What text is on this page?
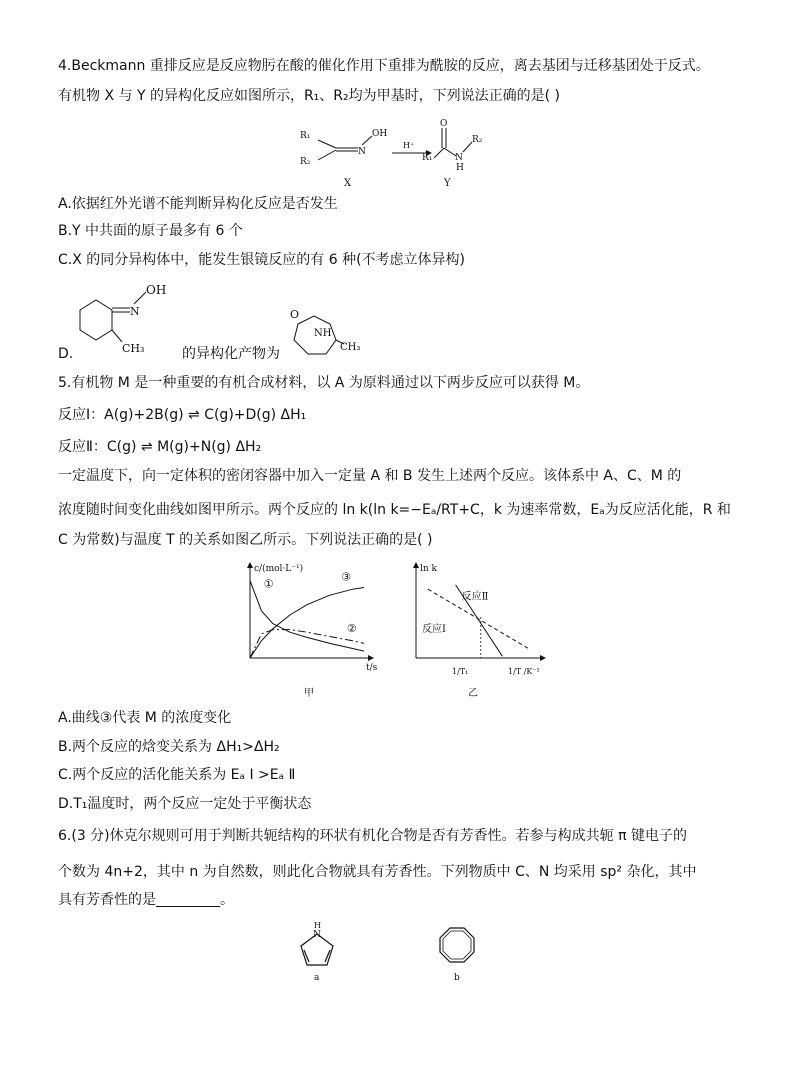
4.Beckmann 重排反应是反应物肟在酸的催化作用下重排为酰胺的反应，离去基团与迁移基团处于反式。
有机物 X 与 Y 的异构化反应如图所示，R₁、R₂均为甲基时，下列说法正确的是( )
R₁
R₂
N
OH
X
H⁺
O
R₁	N
H
R₂
Y
A.依据红外光谱不能判断异构化反应是否发生
B.Y 中共面的原子最多有 6 个
C.X 的同分异构体中，能发生银镜反应的有 6 种(不考虑立体异构)
D.
N
OH
CH₃	的异构化产物为
O
NH
CH₃
5.有机物 M 是一种重要的有机合成材料，以 A 为原料通过以下两步反应可以获得 M。
反应Ⅰ：A(g)+2B(g) ⇌ C(g)+D(g) ΔH₁
反应Ⅱ：C(g) ⇌ M(g)+N(g) ΔH₂
一定温度下，向一定体积的密闭容器中加入一定量 A 和 B 发生上述两个反应。该体系中 A、C、M 的
浓度随时间变化曲线如图甲所示。两个反应的 ln k(ln k=−Eₐ/RT+C，k 为速率常数，Eₐ为反应活化能，R 和
C 为常数)与温度 T 的关系如图乙所示。下列说法正确的是( )
c/(mol·L⁻¹)
t/s
甲
①
②
③
ln k
1/T /K⁻¹
1/T₁
乙
反应Ⅰ
反应Ⅱ
A.曲线③代表 M 的浓度变化
B.两个反应的焓变关系为 ΔH₁>ΔH₂
C.两个反应的活化能关系为 Eₐ Ⅰ >Eₐ Ⅱ
D.T₁温度时，两个反应一定处于平衡状态
6.(3 分)休克尔规则可用于判断共轭结构的环状有机化合物是否有芳香性。若参与构成共轭 π 键电子的
个数为 4n+2，其中 n 为自然数，则此化合物就具有芳香性。下列物质中 C、N 均采用 sp² 杂化，其中
具有芳香性的是	。
H
N
a	b
